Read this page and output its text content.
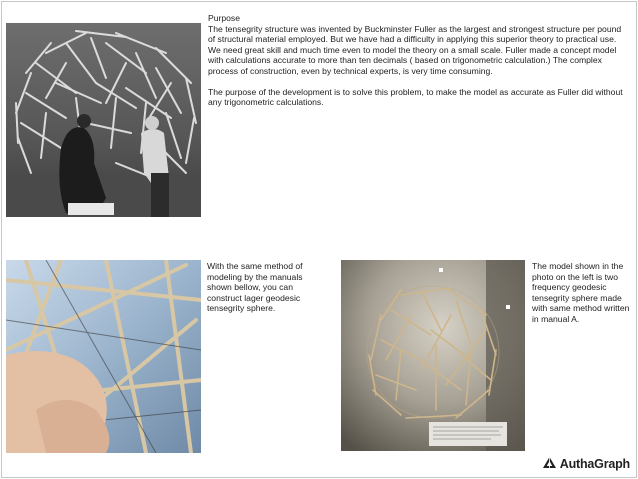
Purpose

The tensegrity structure was invented by Buckminster Fuller as the largest and strongest structure per pound of structural material employed. But we have had a difficulty in applying this superior theory to practical use. We need great skill and much time even to model the theory on a small scale. Fuller made a concept model with calculations accurate to more than ten decimals ( based on trigonometric calculation.) The complex process of construction, even by technical experts, is very time consuming.

The purpose of the development is to solve this problem, to make the model as accurate as Fuller did without any trigonometric calculations.

With the same method of modeling by the manuals shown bellow, you can construct lager geodesic tensegrity sphere.

The model shown in the photo on the left is two frequency geodesic tensegrity sphere made with same method written in manual A.

AuthaGraph
